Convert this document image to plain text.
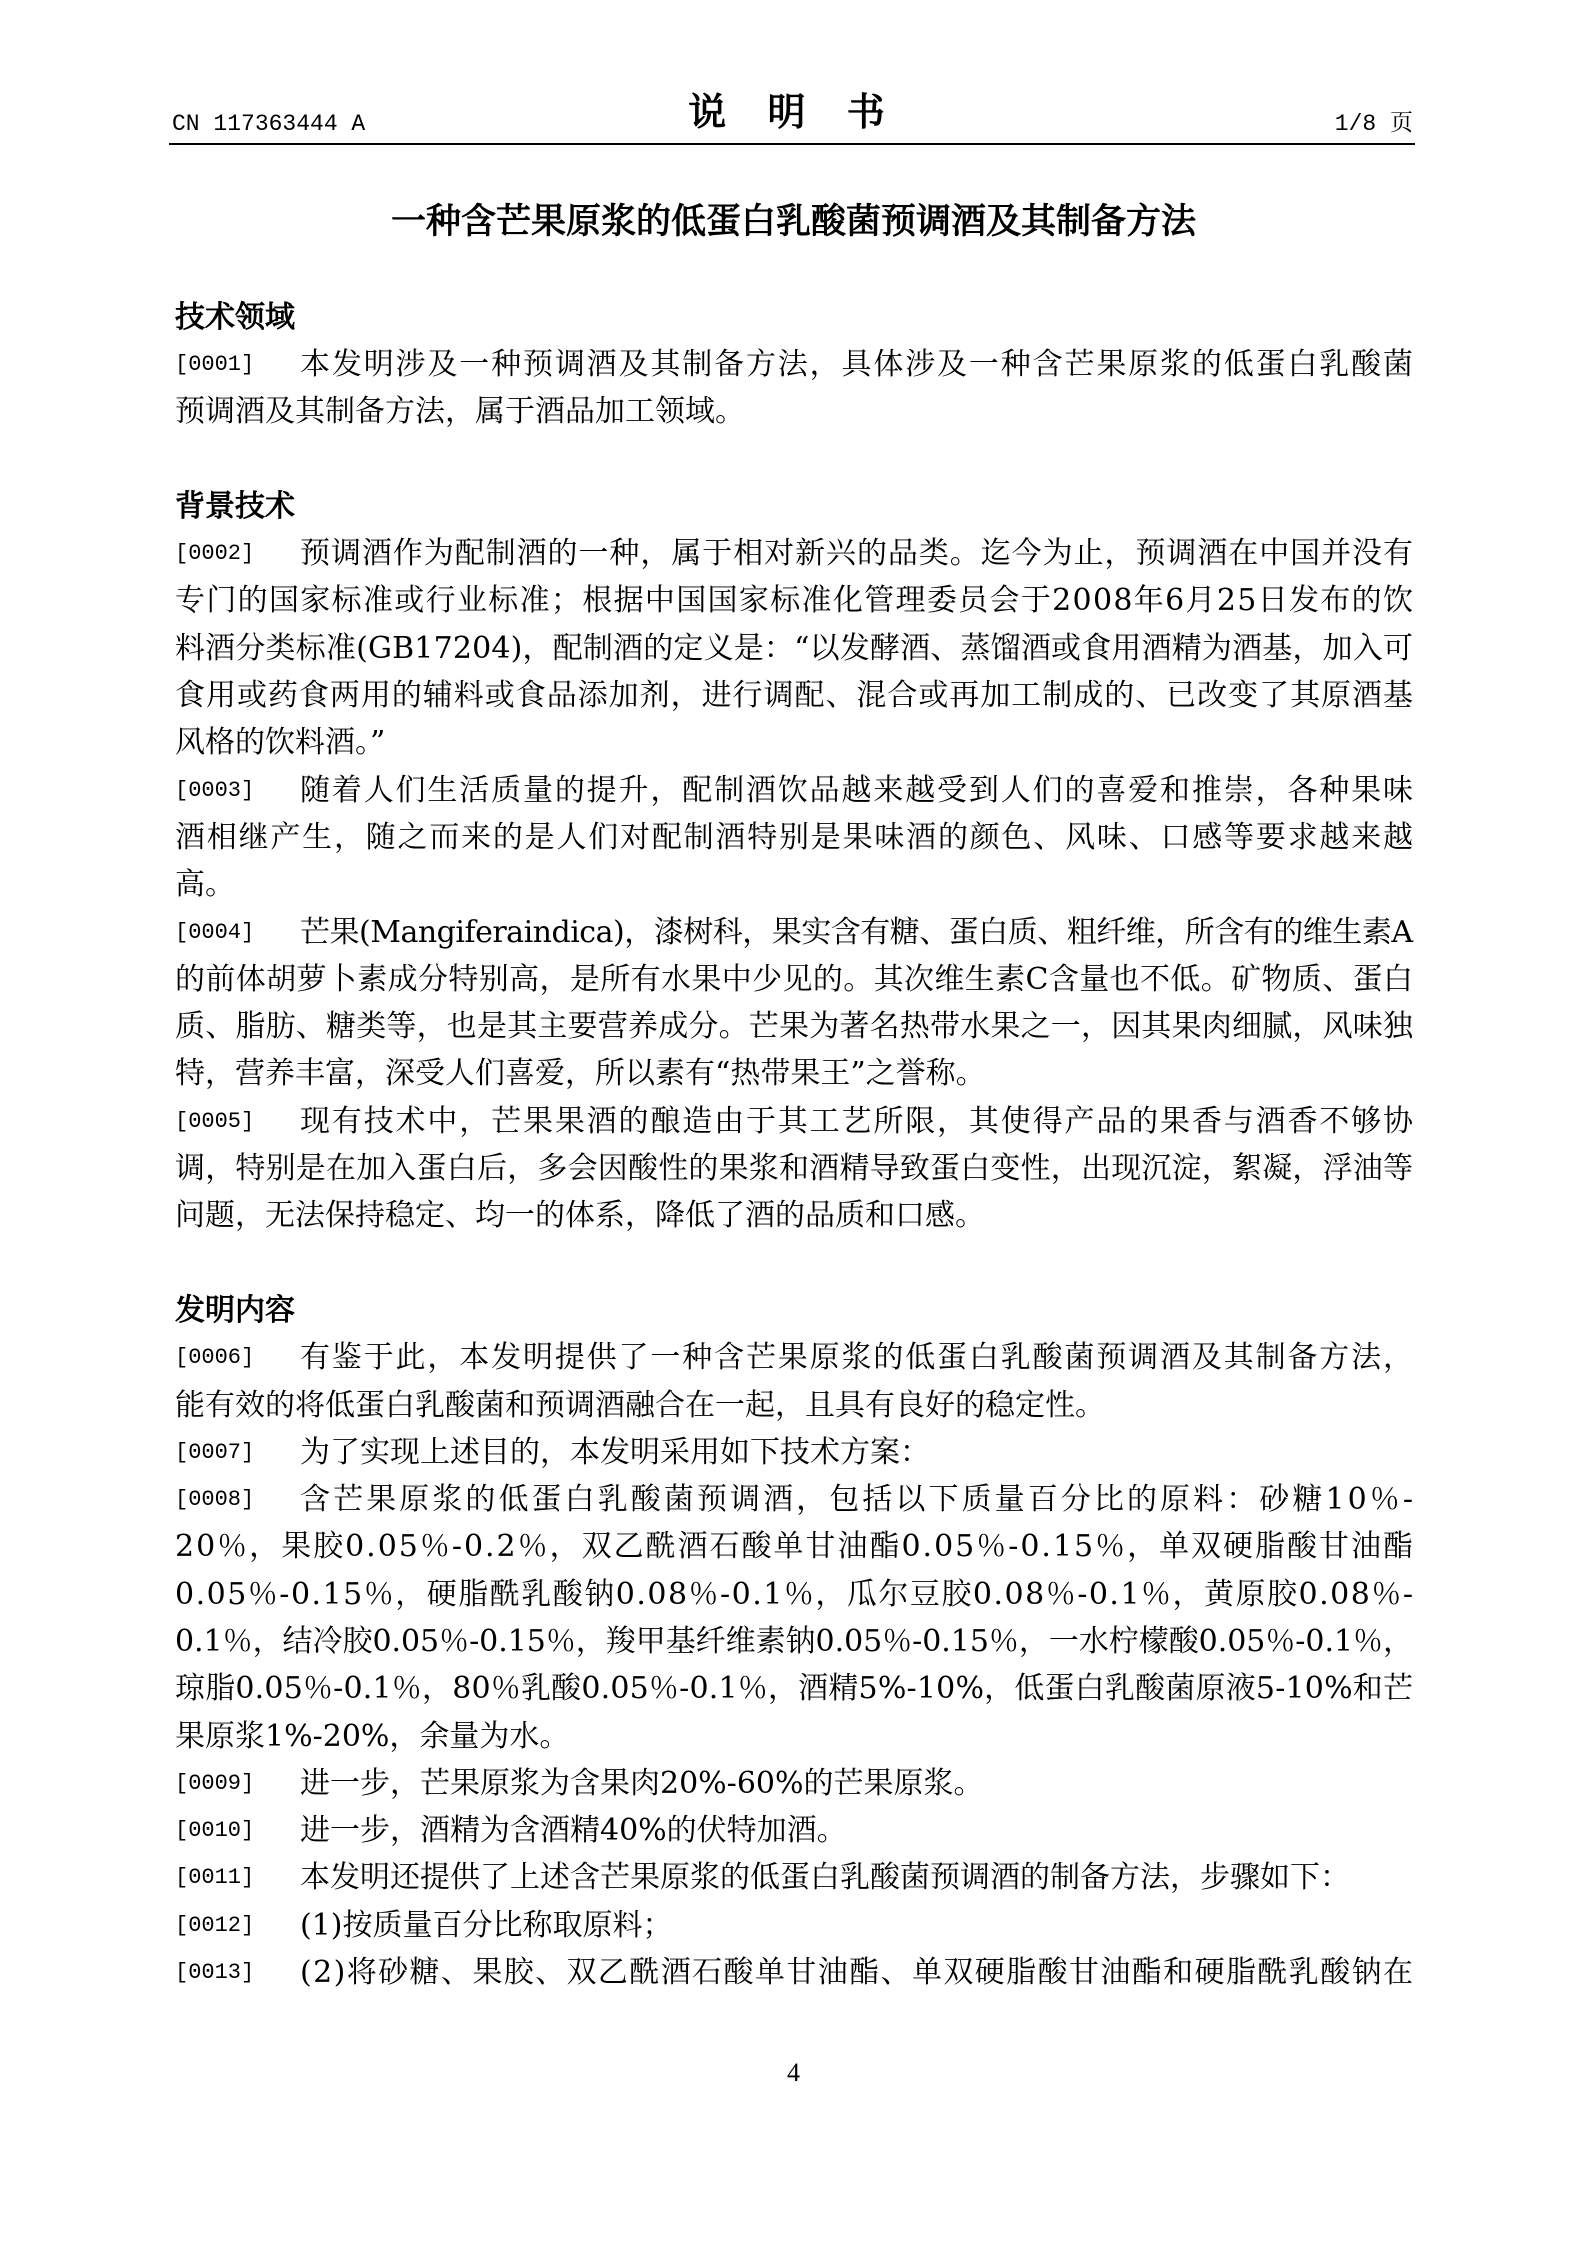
CN 117363444 A	说 明 书	1/8 页
一种含芒果原浆的低蛋白乳酸菌预调酒及其制备方法
技术领域
[0001]	本发明涉及一种预调酒及其制备方法，具体涉及一种含芒果原浆的低蛋白乳酸菌
预调酒及其制备方法，属于酒品加工领域。
背景技术
[0002]	预调酒作为配制酒的一种，属于相对新兴的品类。迄今为止，预调酒在中国并没有
专门的国家标准或行业标准；根据中国国家标准化管理委员会于2008年6月25日发布的饮
料酒分类标准(GB17204)，配制酒的定义是：“以发酵酒、蒸馏酒或食用酒精为酒基，加入可
食用或药食两用的辅料或食品添加剂，进行调配、混合或再加工制成的、已改变了其原酒基
风格的饮料酒。”
[0003]	随着人们生活质量的提升，配制酒饮品越来越受到人们的喜爱和推崇，各种果味
酒相继产生，随之而来的是人们对配制酒特别是果味酒的颜色、风味、口感等要求越来越
高。
[0004]	芒果(Mangiferaindica)，漆树科，果实含有糖、蛋白质、粗纤维，所含有的维生素A
的前体胡萝卜素成分特别高，是所有水果中少见的。其次维生素C含量也不低。矿物质、蛋白
质、脂肪、糖类等，也是其主要营养成分。芒果为著名热带水果之一，因其果肉细腻，风味独
特，营养丰富，深受人们喜爱，所以素有“热带果王”之誉称。
[0005]	现有技术中，芒果果酒的酿造由于其工艺所限，其使得产品的果香与酒香不够协
调，特别是在加入蛋白后，多会因酸性的果浆和酒精导致蛋白变性，出现沉淀，絮凝，浮油等
问题，无法保持稳定、均一的体系，降低了酒的品质和口感。
发明内容
[0006]	有鉴于此，本发明提供了一种含芒果原浆的低蛋白乳酸菌预调酒及其制备方法，
能有效的将低蛋白乳酸菌和预调酒融合在一起，且具有良好的稳定性。
[0007]	为了实现上述目的，本发明采用如下技术方案：
[0008]	含芒果原浆的低蛋白乳酸菌预调酒，包括以下质量百分比的原料：砂糖10％-
20％，果胶0.05％-0.2％，双乙酰酒石酸单甘油酯0.05％-0.15％，单双硬脂酸甘油酯
0.05％-0.15％，硬脂酰乳酸钠0.08％-0.1％，瓜尔豆胶0.08％-0.1％，黄原胶0.08％-
0.1％，结冷胶0.05％-0.15％，羧甲基纤维素钠0.05％-0.15％，一水柠檬酸0.05％-0.1％，
琼脂0.05％-0.1％，80％乳酸0.05％-0.1％，酒精5%-10%，低蛋白乳酸菌原液5-10%和芒
果原浆1%-20%，余量为水。
[0009]	进一步，芒果原浆为含果肉20%-60%的芒果原浆。
[0010]	进一步，酒精为含酒精40%的伏特加酒。
[0011]	本发明还提供了上述含芒果原浆的低蛋白乳酸菌预调酒的制备方法，步骤如下：
[0012]	(1)按质量百分比称取原料；
[0013]	(2)将砂糖、果胶、双乙酰酒石酸单甘油酯、单双硬脂酸甘油酯和硬脂酰乳酸钠在
4
